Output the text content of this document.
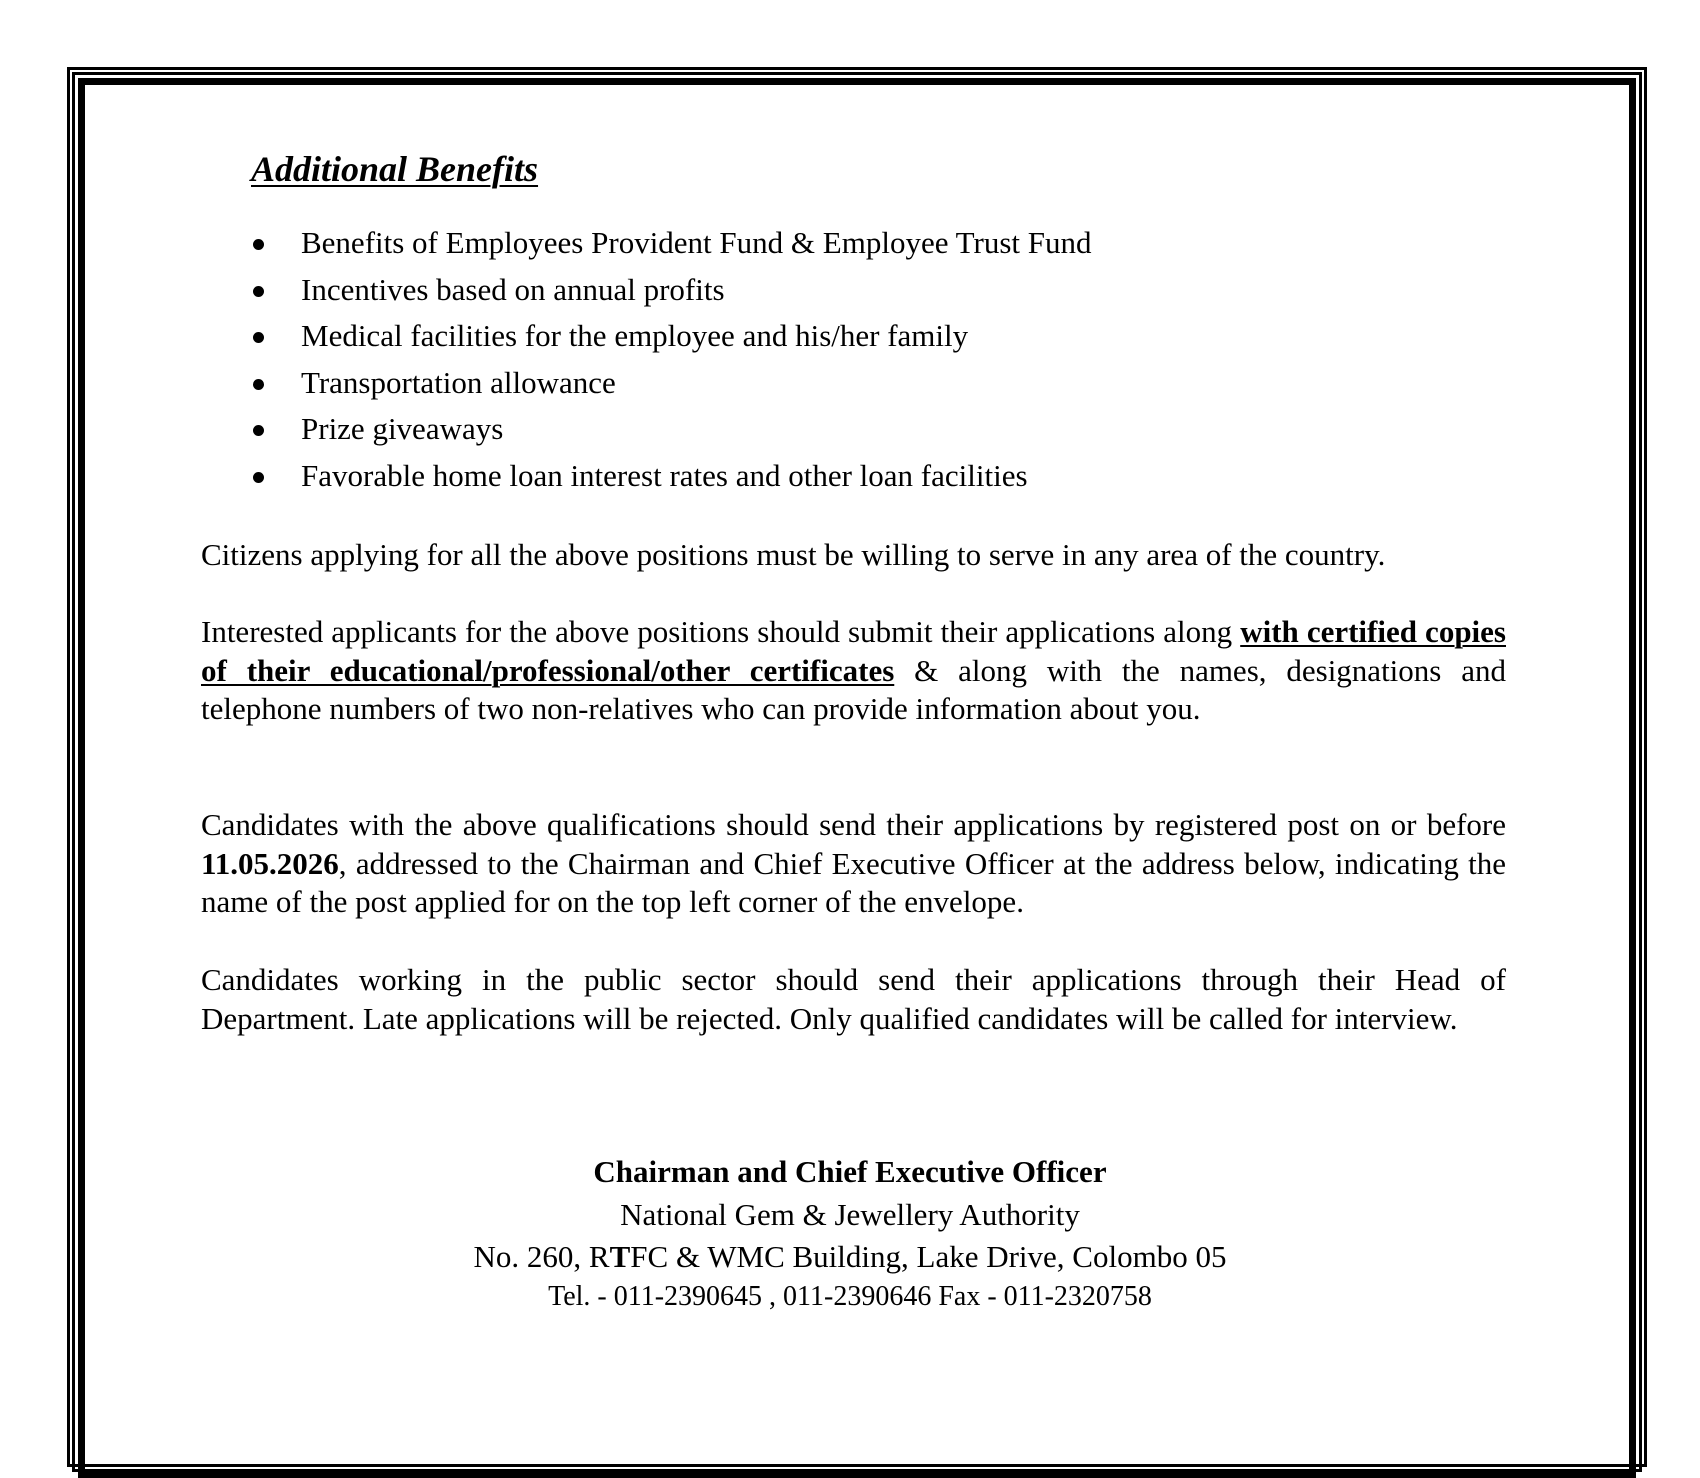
Additional Benefits
Benefits of Employees Provident Fund & Employee Trust Fund
Incentives based on annual profits
Medical facilities for the employee and his/her family
Transportation allowance
Prize giveaways
Favorable home loan interest rates and other loan facilities

Citizens applying for all the above positions must be willing to serve in any area of the country.

Interested applicants for the above positions should submit their applications along with certified copies of their educational/professional/other certificates & along with the names, designations and telephone numbers of two non-relatives who can provide information about you.

Candidates with the above qualifications should send their applications by registered post on or before 11.05.2026, addressed to the Chairman and Chief Executive Officer at the address below, indicating the name of the post applied for on the top left corner of the envelope.

Candidates working in the public sector should send their applications through their Head of Department. Late applications will be rejected. Only qualified candidates will be called for interview.

Chairman and Chief Executive Officer

National Gem & Jewellery Authority

No. 260, RTFC & WMC Building, Lake Drive, Colombo 05

Tel. - 011-2390645 , 011-2390646 Fax - 011-2320758
